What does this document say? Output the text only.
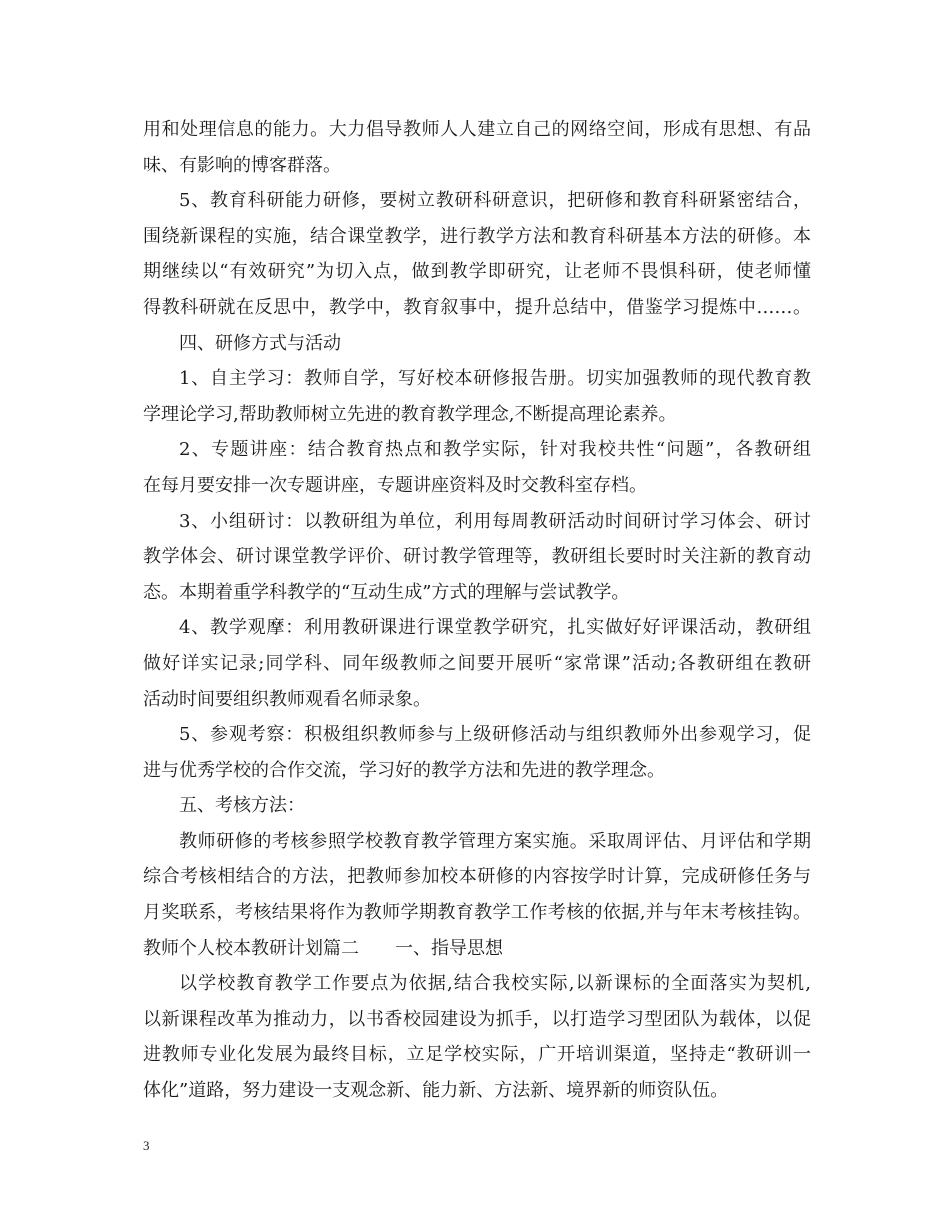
用和处理信息的能力。大力倡导教师人人建立自己的网络空间，形成有思想、有品
味、有影响的博客群落。
5、教育科研能力研修，要树立教研科研意识，把研修和教育科研紧密结合，
围绕新课程的实施，结合课堂教学，进行教学方法和教育科研基本方法的研修。本
期继续以“有效研究”为切入点，做到教学即研究，让老师不畏惧科研，使老师懂
得教科研就在反思中，教学中，教育叙事中，提升总结中，借鉴学习提炼中……。
四、研修方式与活动
1、自主学习：教师自学，写好校本研修报告册。切实加强教师的现代教育教
学理论学习,帮助教师树立先进的教育教学理念,不断提高理论素养。
2、专题讲座：结合教育热点和教学实际，针对我校共性“问题”，各教研组
在每月要安排一次专题讲座，专题讲座资料及时交教科室存档。
3、小组研讨：以教研组为单位，利用每周教研活动时间研讨学习体会、研讨
教学体会、研讨课堂教学评价、研讨教学管理等，教研组长要时时关注新的教育动
态。本期着重学科教学的“互动生成”方式的理解与尝试教学。
4、教学观摩：利用教研课进行课堂教学研究，扎实做好好评课活动，教研组
做好详实记录;同学科、同年级教师之间要开展听“家常课”活动;各教研组在教研
活动时间要组织教师观看名师录象。
5、参观考察：积极组织教师参与上级研修活动与组织教师外出参观学习，促
进与优秀学校的合作交流，学习好的教学方法和先进的教学理念。
五、考核方法：
教师研修的考核参照学校教育教学管理方案实施。采取周评估、月评估和学期
综合考核相结合的方法，把教师参加校本研修的内容按学时计算，完成研修任务与
月奖联系，考核结果将作为教师学期教育教学工作考核的依据,并与年末考核挂钩。
教师个人校本教研计划篇二 一、指导思想
以学校教育教学工作要点为依据,结合我校实际,以新课标的全面落实为契机,
以新课程改革为推动力，以书香校园建设为抓手，以打造学习型团队为载体，以促
进教师专业化发展为最终目标，立足学校实际，广开培训渠道，坚持走“教研训一
体化”道路，努力建设一支观念新、能力新、方法新、境界新的师资队伍。
3
